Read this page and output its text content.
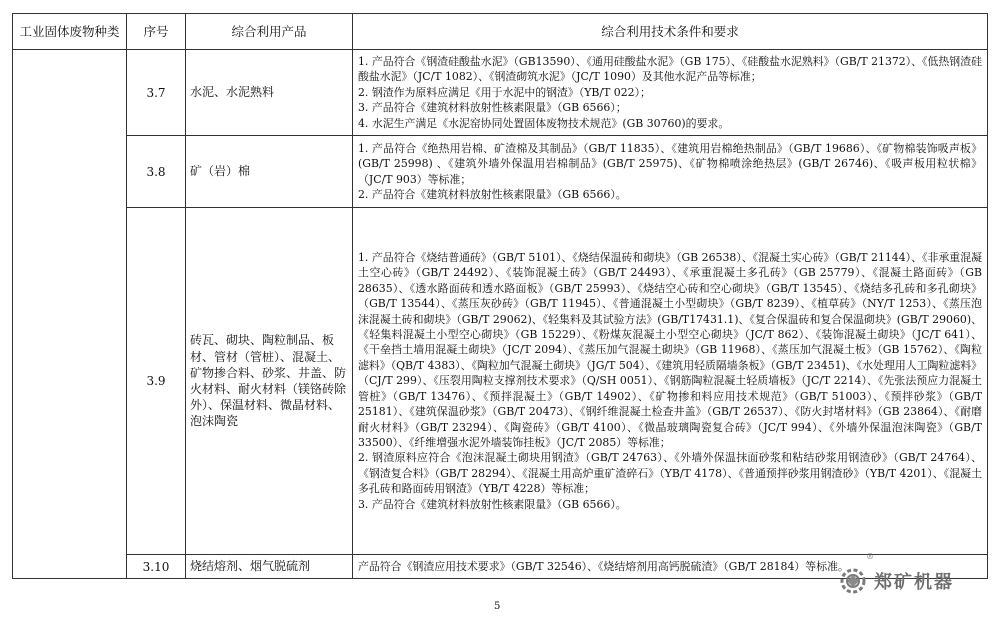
工业固体废物种类	序号	综合利用产品	综合利用技术条件和要求
	3.7	水泥、水泥熟料	1. 产品符合《钢渣硅酸盐水泥》（GB13590）、《通用硅酸盐水泥》（GB 175）、《硅酸盐水泥熟料》（GB/T 21372）、《低热钢渣硅酸盐水泥》（JC/T 1082）、《钢渣砌筑水泥》（JC/T 1090）及其他水泥产品等标准；
2. 钢渣作为原料应满足《用于水泥中的钢渣》（YB/T 022）；
3. 产品符合《建筑材料放射性核素限量》（GB 6566）；
4. 水泥生产满足《水泥窑协同处置固体废物技术规范》(GB 30760)的要求。

	3.8	矿（岩）棉	1. 产品符合《绝热用岩棉、矿渣棉及其制品》（GB/T 11835）、《建筑用岩棉绝热制品》（GB/T 19686）、《矿物棉装饰吸声板》(GB/T 25998) 、《建筑外墙外保温用岩棉制品》(GB/T 25975)、《矿物棉喷涂绝热层》(GB/T 26746)、《吸声板用粒状棉》（JC/T 903）等标准；
2. 产品符合《建筑材料放射性核素限量》（GB 6566）。

	3.9	砖瓦、砌块、陶粒制品、板材、管材（管桩）、混凝土、矿物掺合料、砂浆、井盖、防火材料、耐火材料（镁铬砖除外）、保温材料、微晶材料、泡沫陶瓷	1. 产品符合《烧结普通砖》（GB/T 5101）、《烧结保温砖和砌块》（GB 26538）、《混凝土实心砖》（GB/T 21144）、《非承重混凝土空心砖》（GB/T 24492）、《装饰混凝土砖》（GB/T 24493）、《承重混凝土多孔砖》（GB 25779）、《混凝土路面砖》（GB 28635）、《透水路面砖和透水路面板》（GB/T 25993）、《烧结空心砖和空心砌块》（GB/T 13545）、《烧结多孔砖和多孔砌块》（GB/T 13544）、《蒸压灰砂砖》（GB/T 11945）、《普通混凝土小型砌块》（GB/T 8239）、《植草砖》（NY/T 1253）、《蒸压泡沫混凝土砖和砌块》（GB/T 29062)、《轻集料及其试验方法》(GB/T17431.1)、《复合保温砖和复合保温砌块》(GB/T 29060)、《轻集料混凝土小型空心砌块》（GB 15229）、《粉煤灰混凝土小型空心砌块》（JC/T 862）、《装饰混凝土砌块》（JC/T 641）、《干垒挡土墙用混凝土砌块》（JC/T 2094）、《蒸压加气混凝土砌块》（GB 11968）、《蒸压加气混凝土板》（GB 15762）、《陶粒滤料》（QB/T 4383）、《陶粒加气混凝土砌块》（JG/T 504）、《建筑用轻质隔墙条板》（GB/T 23451)、《水处理用人工陶粒滤料》（CJ/T 299）、《压裂用陶粒支撑剂技术要求》（Q/SH 0051）、《钢筋陶粒混凝土轻质墙板》（JC/T 2214）、《先张法预应力混凝土管桩》（GB/T 13476）、《预拌混凝土》（GB/T 14902）、《矿物掺和料应用技术规范》（GB/T 51003）、《预拌砂浆》（GB/T 25181）、《建筑保温砂浆》（GB/T 20473）、《钢纤维混凝土检查井盖》（GB/T 26537）、《防火封堵材料》（GB 23864）、《耐磨耐火材料》（GB/T 23294）、《陶瓷砖》（GB/T 4100）、《微晶玻璃陶瓷复合砖》（JC/T 994）、《外墙外保温泡沫陶瓷》（GB/T 33500）、《纤维增强水泥外墙装饰挂板》（JC/T 2085）等标准；
2. 钢渣原料应符合《泡沫混凝土砌块用钢渣》（GB/T 24763）、《外墙外保温抹面砂浆和粘结砂浆用钢渣砂》（GB/T 24764）、《钢渣复合料》（GB/T 28294）、《混凝土用高炉重矿渣碎石》（YB/T 4178）、《普通预拌砂浆用钢渣砂》（YB/T 4201）、《混凝土多孔砖和路面砖用钢渣》（YB/T 4228）等标准；
3. 产品符合《建筑材料放射性核素限量》（GB 6566）。

	3.10	烧结熔剂、烟气脱硫剂	产品符合《钢渣应用技术要求》（GB/T 32546）、《烧结熔剂用高钙脱硫渣》（GB/T 28184）等标准。
5
®
郑矿机器
